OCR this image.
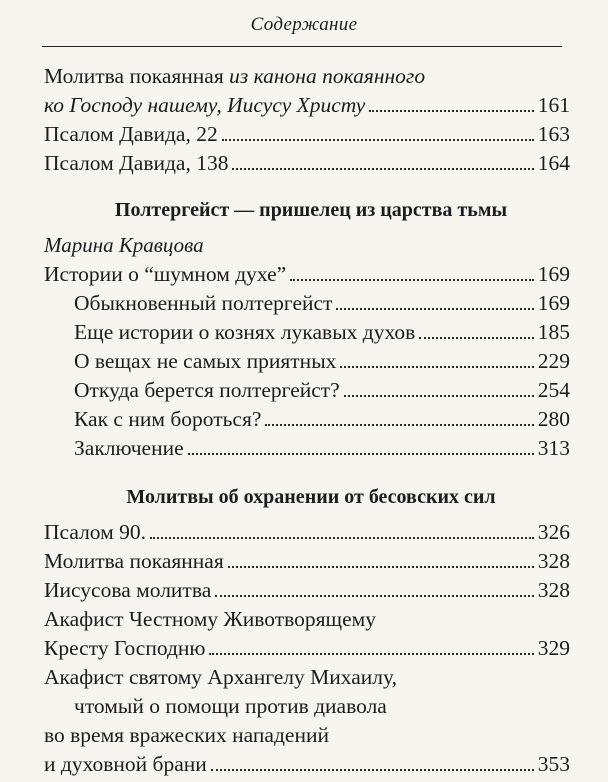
Содержание
Молитва покаянная из канона покаянного
ко Господу нашему, Иисусу Христу	161
Псалом Давида, 22	163
Псалом Давида, 138	164
Полтергейст — пришелец из царства тьмы
Марина Кравцова
Истории о “шумном духе”	169
Обыкновенный полтергейст	169
Еще истории о кознях лукавых духов	185
О вещах не самых приятных	229
Откуда берется полтергейст?	254
Как с ним бороться?	280
Заключение	313
Молитвы об охранении от бесовских сил
Псалом 90.	326
Молитва покаянная	328
Иисусова молитва	328
Акафист Честному Животворящему
Кресту Господню	329
Акафист святому Архангелу Михаилу,
чтомый о помощи против диавола
во время вражеских нападений
и духовной брани	353
